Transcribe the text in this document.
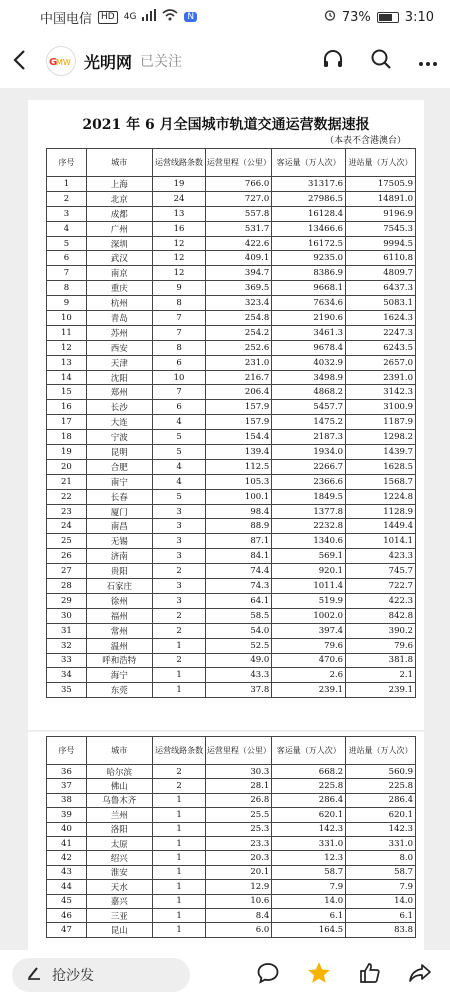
中国电信	HD	4G	N	73%	3:10
G
MW 光明网 已关注
2021 年 6 月全国城市轨道交通运营数据速报
（本表不含港澳台）
序号	城市	运营线路条数	运营里程（公里）	客运量（万人次）	进站量（万人次）
1	上海	19	766.0	31317.6	17505.9
2	北京	24	727.0	27986.5	14891.0
3	成都	13	557.8	16128.4	9196.9
4	广州	16	531.7	13466.6	7545.3
5	深圳	12	422.6	16172.5	9994.5
6	武汉	12	409.1	9235.0	6110.8
7	南京	12	394.7	8386.9	4809.7
8	重庆	9	369.5	9668.1	6437.3
9	杭州	8	323.4	7634.6	5083.1
10	青岛	7	254.8	2190.6	1624.3
11	苏州	7	254.2	3461.3	2247.3
12	西安	8	252.6	9678.4	6243.5
13	天津	6	231.0	4032.9	2657.0
14	沈阳	10	216.7	3498.9	2391.0
15	郑州	7	206.4	4868.2	3142.3
16	长沙	6	157.9	5457.7	3100.9
17	大连	4	157.9	1475.2	1187.9
18	宁波	5	154.4	2187.3	1298.2
19	昆明	5	139.4	1934.0	1439.7
20	合肥	4	112.5	2266.7	1628.5
21	南宁	4	105.3	2366.6	1568.7
22	长春	5	100.1	1849.5	1224.8
23	厦门	3	98.4	1377.8	1128.9
24	南昌	3	88.9	2232.8	1449.4
25	无锡	3	87.1	1340.6	1014.1
26	济南	3	84.1	569.1	423.3
27	贵阳	2	74.4	920.1	745.7
28	石家庄	3	74.3	1011.4	722.7
29	徐州	3	64.1	519.9	422.3
30	福州	2	58.5	1002.0	842.8
31	常州	2	54.0	397.4	390.2
32	温州	1	52.5	79.6	79.6
33	呼和浩特	2	49.0	470.6	381.8
34	海宁	1	43.3	2.6	2.1
35	东莞	1	37.8	239.1	239.1
序号	城市	运营线路条数	运营里程（公里）	客运量（万人次）	进站量（万人次）
36	哈尔滨	2	30.3	668.2	560.9
37	佛山	2	28.1	225.8	225.8
38	乌鲁木齐	1	26.8	286.4	286.4
39	兰州	1	25.5	620.1	620.1
40	洛阳	1	25.3	142.3	142.3
41	太原	1	23.3	331.0	331.0
42	绍兴	1	20.3	12.3	8.0
43	淮安	1	20.1	58.7	58.7
44	天水	1	12.9	7.9	7.9
45	嘉兴	1	10.6	14.0	14.0
46	三亚	1	8.4	6.1	6.1
47	昆山	1	6.0	164.5	83.8
抢沙发
